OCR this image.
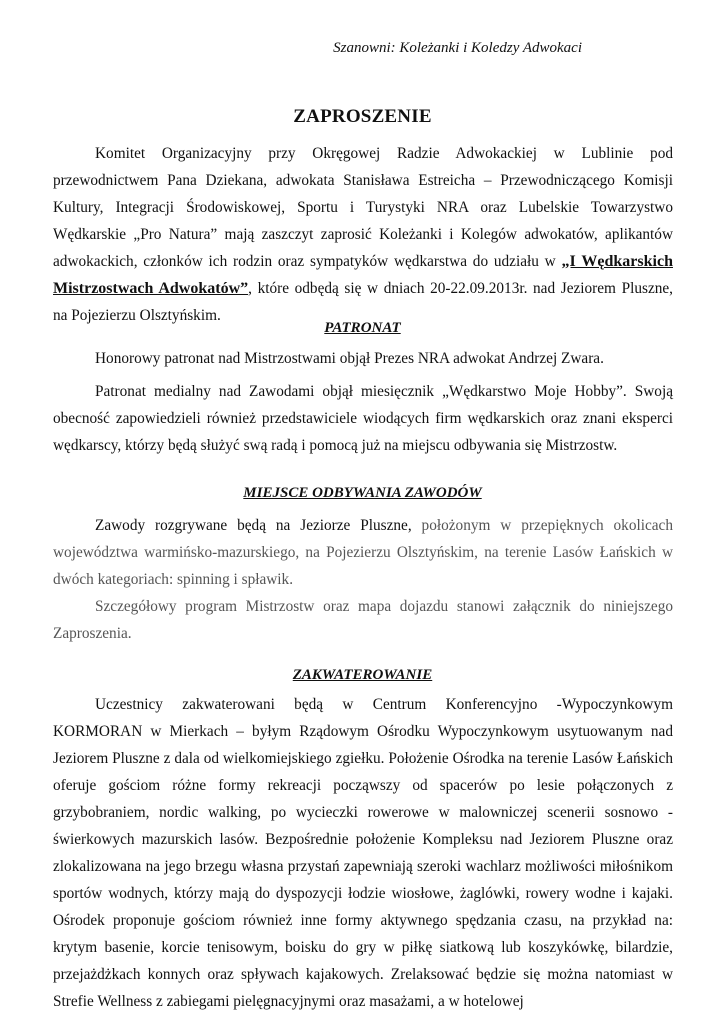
Szanowni: Koleżanki i Koledzy Adwokaci
ZAPROSZENIE

Komitet Organizacyjny przy Okręgowej Radzie Adwokackiej w Lublinie pod przewodnictwem Pana Dziekana, adwokata Stanisława Estreicha – Przewodniczącego Komisji Kultury, Integracji Środowiskowej, Sportu i Turystyki NRA oraz Lubelskie Towarzystwo Wędkarskie „Pro Natura” mają zaszczyt zaprosić Koleżanki i Kolegów adwokatów, aplikantów adwokackich, członków ich rodzin oraz sympatyków wędkarstwa do udziału w „I Wędkarskich Mistrzostwach Adwokatów”, które odbędą się w dniach 20-22.09.2013r. nad Jeziorem Pluszne, na Pojezierzu Olsztyńskim.

PATRONAT

Honorowy patronat nad Mistrzostwami objął Prezes NRA adwokat Andrzej Zwara.

Patronat medialny nad Zawodami objął miesięcznik „Wędkarstwo Moje Hobby”. Swoją obecność zapowiedzieli również przedstawiciele wiodących firm wędkarskich oraz znani eksperci wędkarscy, którzy będą służyć swą radą i pomocą już na miejscu odbywania się Mistrzostw.

MIEJSCE ODBYWANIA ZAWODÓW

Zawody rozgrywane będą na Jeziorze Pluszne, położonym w przepięknych okolicach województwa warmińsko-mazurskiego, na Pojezierzu Olsztyńskim, na terenie Lasów Łańskich w dwóch kategoriach: spinning i spławik.

Szczegółowy program Mistrzostw oraz mapa dojazdu stanowi załącznik do niniejszego Zaproszenia.

ZAKWATEROWANIE

Uczestnicy zakwaterowani będą w Centrum Konferencyjno -Wypoczynkowym KORMORAN w Mierkach – byłym Rządowym Ośrodku Wypoczynkowym usytuowanym nad Jeziorem Pluszne z dala od wielkomiejskiego zgiełku. Położenie Ośrodka na terenie Lasów Łańskich oferuje gościom różne formy rekreacji począwszy od spacerów po lesie połączonych z grzybobraniem, nordic walking, po wycieczki rowerowe w malowniczej scenerii sosnowo - świerkowych mazurskich lasów. Bezpośrednie położenie Kompleksu nad Jeziorem Pluszne oraz zlokalizowana na jego brzegu własna przystań zapewniają szeroki wachlarz możliwości miłośnikom sportów wodnych, którzy mają do dyspozycji łodzie wiosłowe, żaglówki, rowery wodne i kajaki. Ośrodek proponuje gościom również inne formy aktywnego spędzania czasu, na przykład na: krytym basenie, korcie tenisowym, boisku do gry w piłkę siatkową lub koszykówkę, bilardzie, przejażdżkach konnych oraz spływach kajakowych. Zrelaksować będzie się można natomiast w Strefie Wellness z zabiegami pielęgnacyjnymi oraz masażami, a w hotelowej
